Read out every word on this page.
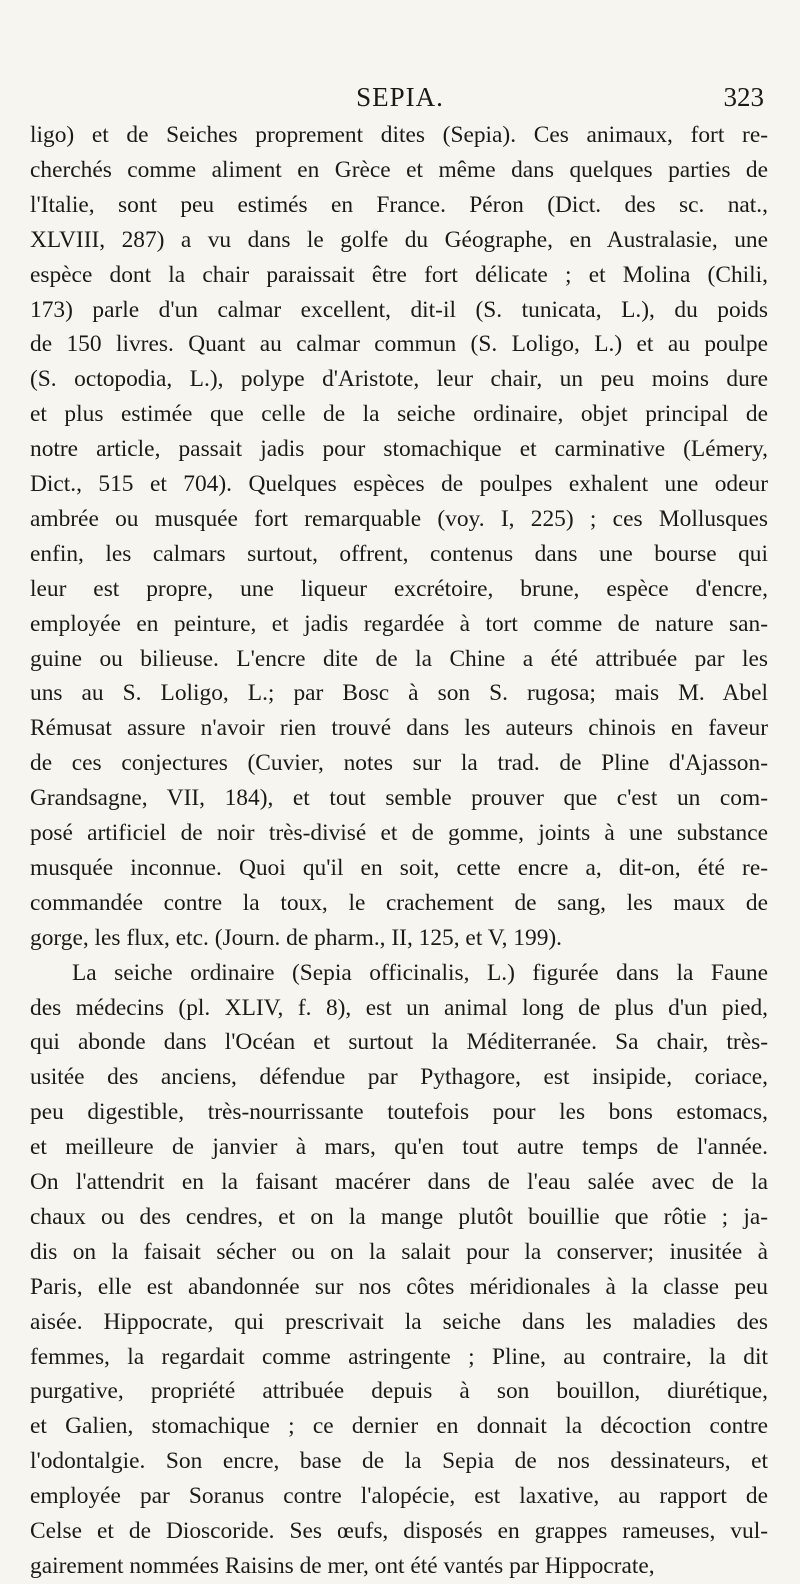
SEPIA.	323
ligo) et de Seiches proprement dites (Sepia). Ces animaux, fort re-
cherchés comme aliment en Grèce et même dans quelques parties de
l'Italie, sont peu estimés en France. Péron (Dict. des sc. nat.,
XLVIII, 287) a vu dans le golfe du Géographe, en Australasie, une
espèce dont la chair paraissait être fort délicate ; et Molina (Chili,
173) parle d'un calmar excellent, dit-il (S. tunicata, L.), du poids
de 150 livres. Quant au calmar commun (S. Loligo, L.) et au poulpe
(S. octopodia, L.), polype d'Aristote, leur chair, un peu moins dure
et plus estimée que celle de la seiche ordinaire, objet principal de
notre article, passait jadis pour stomachique et carminative (Lémery,
Dict., 515 et 704). Quelques espèces de poulpes exhalent une odeur
ambrée ou musquée fort remarquable (voy. I, 225) ; ces Mollusques
enfin, les calmars surtout, offrent, contenus dans une bourse qui
leur est propre, une liqueur excrétoire, brune, espèce d'encre,
employée en peinture, et jadis regardée à tort comme de nature san-
guine ou bilieuse. L'encre dite de la Chine a été attribuée par les
uns au S. Loligo, L.; par Bosc à son S. rugosa; mais M. Abel
Rémusat assure n'avoir rien trouvé dans les auteurs chinois en faveur
de ces conjectures (Cuvier, notes sur la trad. de Pline d'Ajasson-
Grandsagne, VII, 184), et tout semble prouver que c'est un com-
posé artificiel de noir très-divisé et de gomme, joints à une substance
musquée inconnue. Quoi qu'il en soit, cette encre a, dit-on, été re-
commandée contre la toux, le crachement de sang, les maux de
gorge, les flux, etc. (Journ. de pharm., II, 125, et V, 199).
La seiche ordinaire (Sepia officinalis, L.) figurée dans la Faune
des médecins (pl. XLIV, f. 8), est un animal long de plus d'un pied,
qui abonde dans l'Océan et surtout la Méditerranée. Sa chair, très-
usitée des anciens, défendue par Pythagore, est insipide, coriace,
peu digestible, très-nourrissante toutefois pour les bons estomacs,
et meilleure de janvier à mars, qu'en tout autre temps de l'année.
On l'attendrit en la faisant macérer dans de l'eau salée avec de la
chaux ou des cendres, et on la mange plutôt bouillie que rôtie ; ja-
dis on la faisait sécher ou on la salait pour la conserver; inusitée à
Paris, elle est abandonnée sur nos côtes méridionales à la classe peu
aisée. Hippocrate, qui prescrivait la seiche dans les maladies des
femmes, la regardait comme astringente ; Pline, au contraire, la dit
purgative, propriété attribuée depuis à son bouillon, diurétique,
et Galien, stomachique ; ce dernier en donnait la décoction contre
l'odontalgie. Son encre, base de la Sepia de nos dessinateurs, et
employée par Soranus contre l'alopécie, est laxative, au rapport de
Celse et de Dioscoride. Ses œufs, disposés en grappes rameuses, vul-
gairement nommées Raisins de mer, ont été vantés par Hippocrate,
